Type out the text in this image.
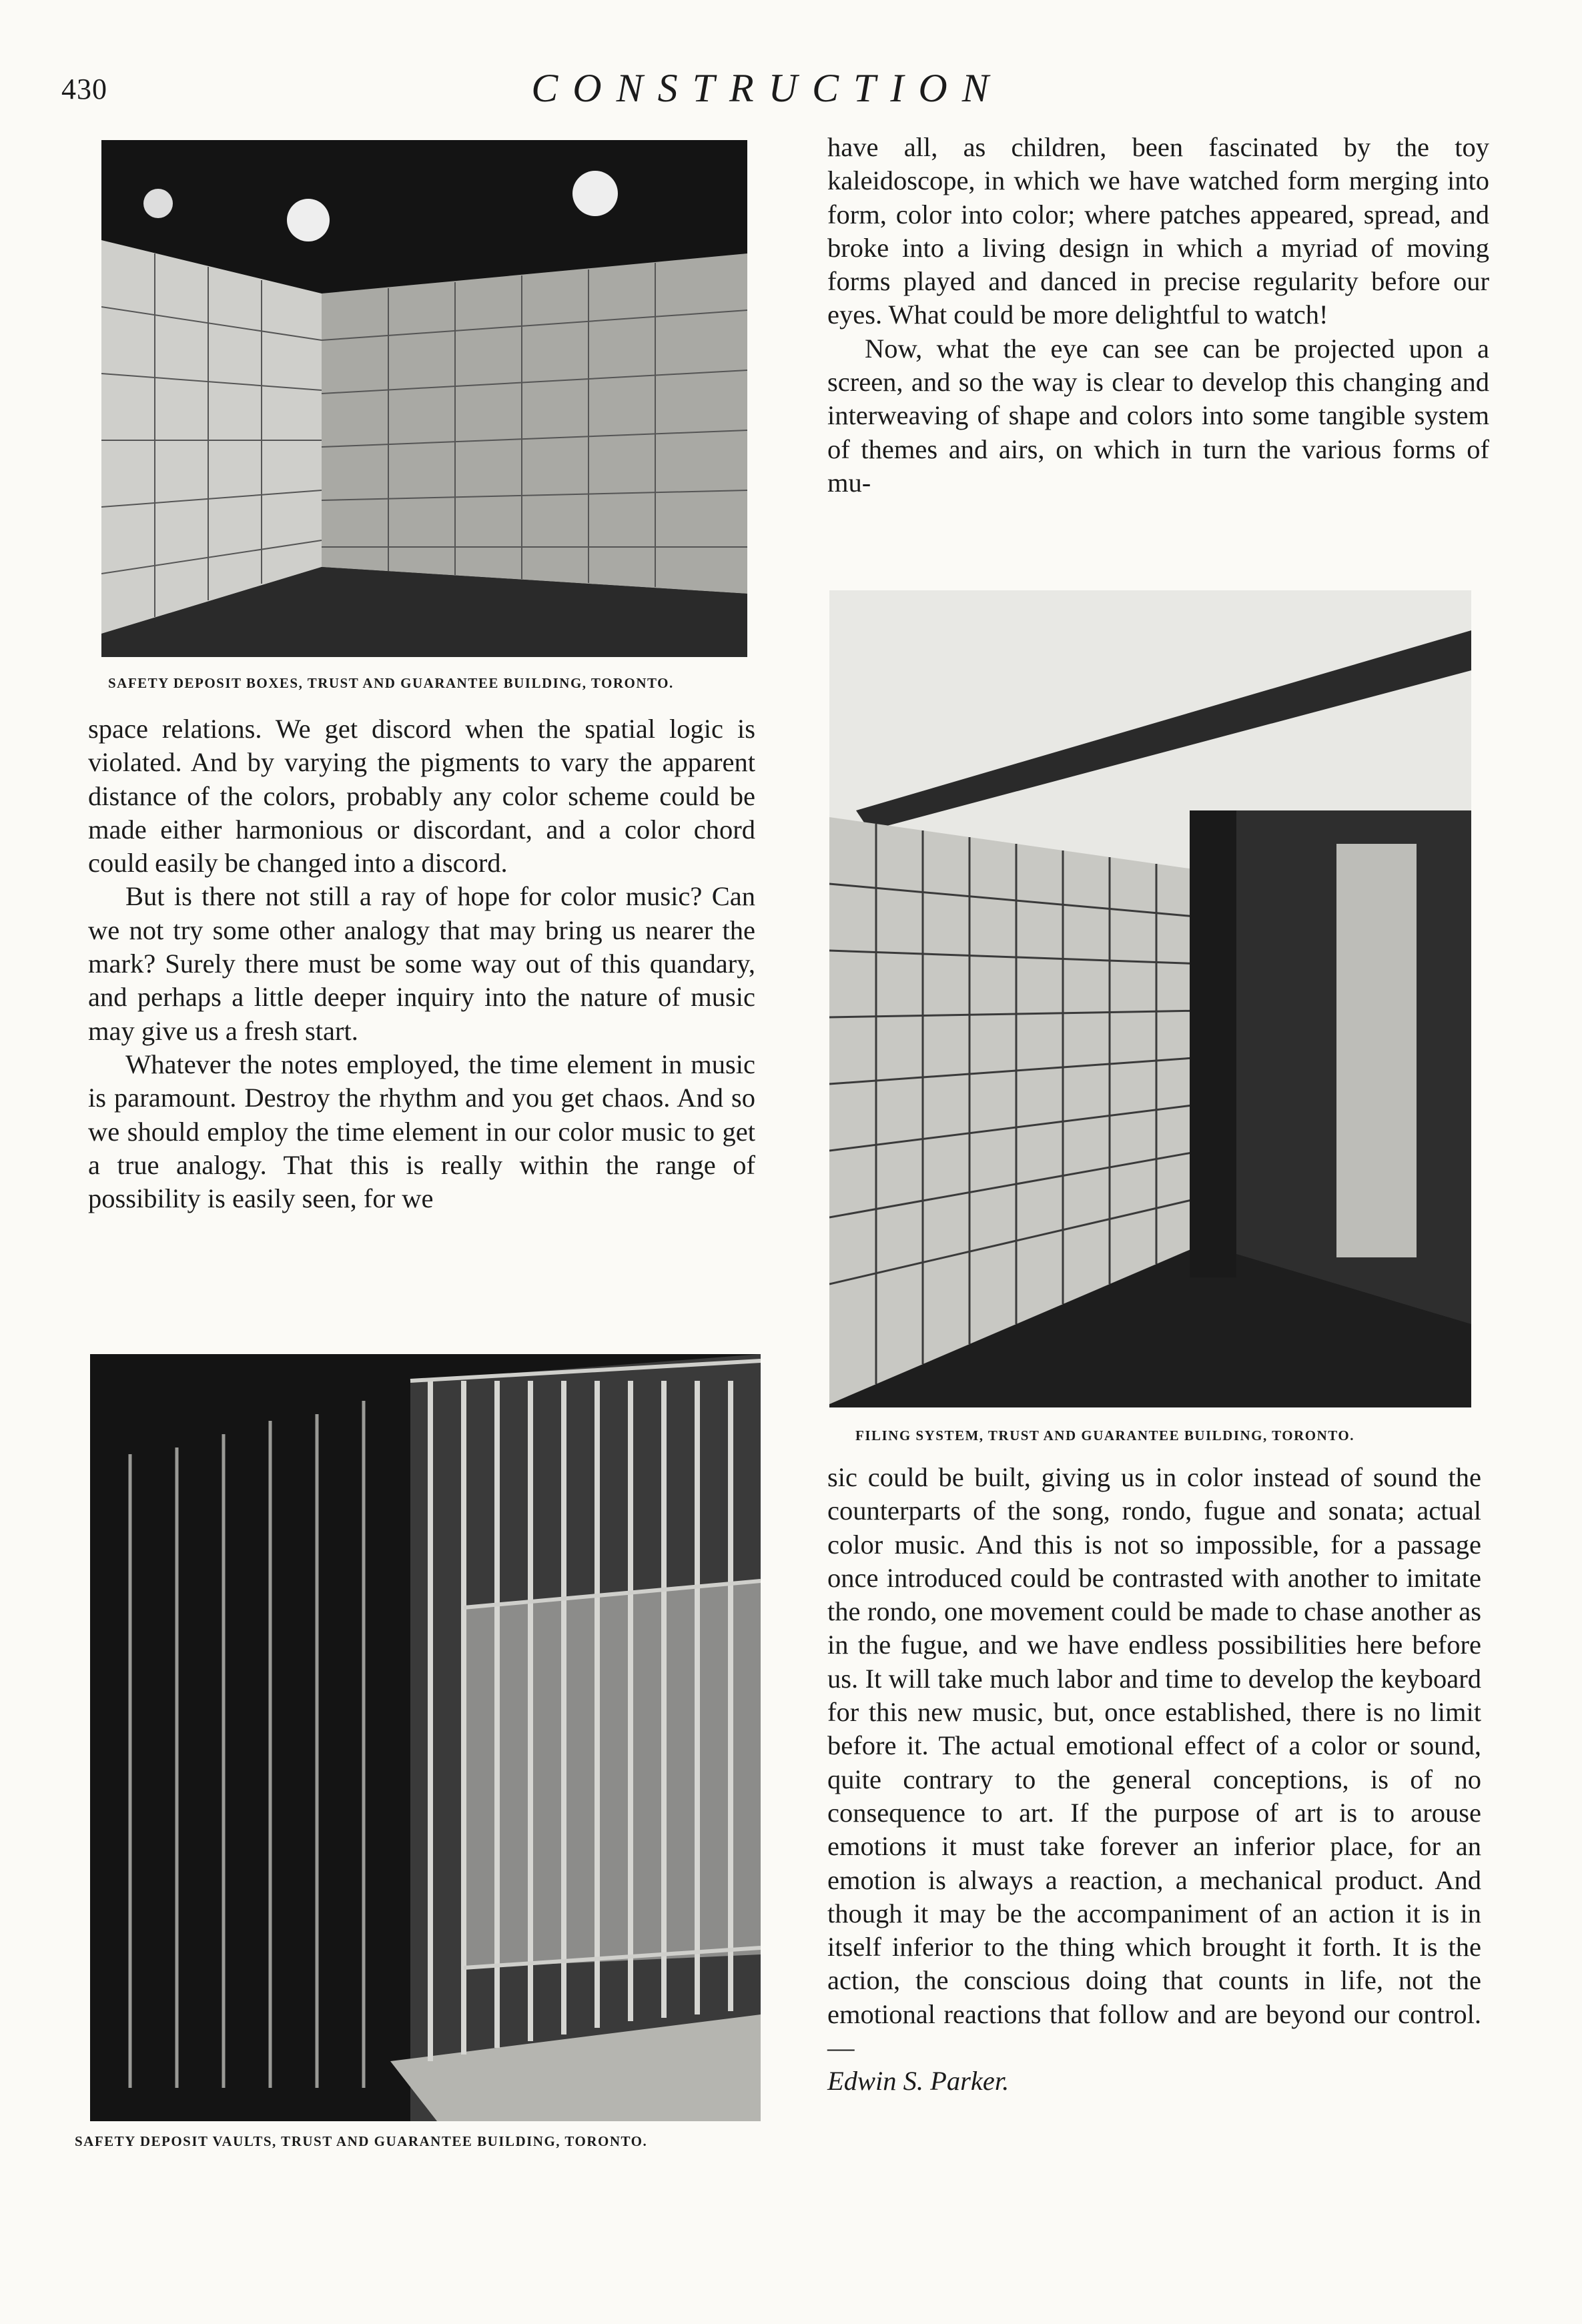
430	CONSTRUCTION
SAFETY DEPOSIT BOXES, TRUST AND GUARANTEE BUILDING, TORONTO.

space relations. We get discord when the spatial logic is violated. And by varying the pigments to vary the apparent distance of the colors, probably any color scheme could be made either harmonious or discordant, and a color chord could easily be changed into a discord.

But is there not still a ray of hope for color music? Can we not try some other analogy that may bring us nearer the mark? Surely there must be some way out of this quandary, and perhaps a little deeper inquiry into the nature of music may give us a fresh start.

Whatever the notes employed, the time element in music is paramount. Destroy the rhythm and you get chaos. And so we should employ the time element in our color music to get a true analogy. That this is really within the range of possibility is easily seen, for we

SAFETY DEPOSIT VAULTS, TRUST AND GUARANTEE BUILDING, TORONTO.

have all, as children, been fascinated by the toy kaleidoscope, in which we have watched form merging into form, color into color; where patches appeared, spread, and broke into a living design in which a myriad of moving forms played and danced in precise regularity before our eyes. What could be more delightful to watch!

Now, what the eye can see can be projected upon a screen, and so the way is clear to develop this changing and interweaving of shape and colors into some tangible system of themes and airs, on which in turn the various forms of mu-

FILING SYSTEM, TRUST AND GUARANTEE BUILDING, TORONTO.

sic could be built, giving us in color instead of sound the counterparts of the song, rondo, fugue and sonata; actual color music. And this is not so impossible, for a passage once introduced could be contrasted with another to imitate the rondo, one movement could be made to chase another as in the fugue, and we have endless possibilities here before us. It will take much labor and time to develop the keyboard for this new music, but, once established, there is no limit before it. The actual emotional effect of a color or sound, quite contrary to the general conceptions, is of no consequence to art. If the purpose of art is to arouse emotions it must take forever an inferior place, for an emotion is always a reaction, a mechanical product. And though it may be the accompaniment of an action it is in itself inferior to the thing which brought it forth. It is the action, the conscious doing that counts in life, not the emotional reactions that follow and are beyond our control.—

Edwin S. Parker.
